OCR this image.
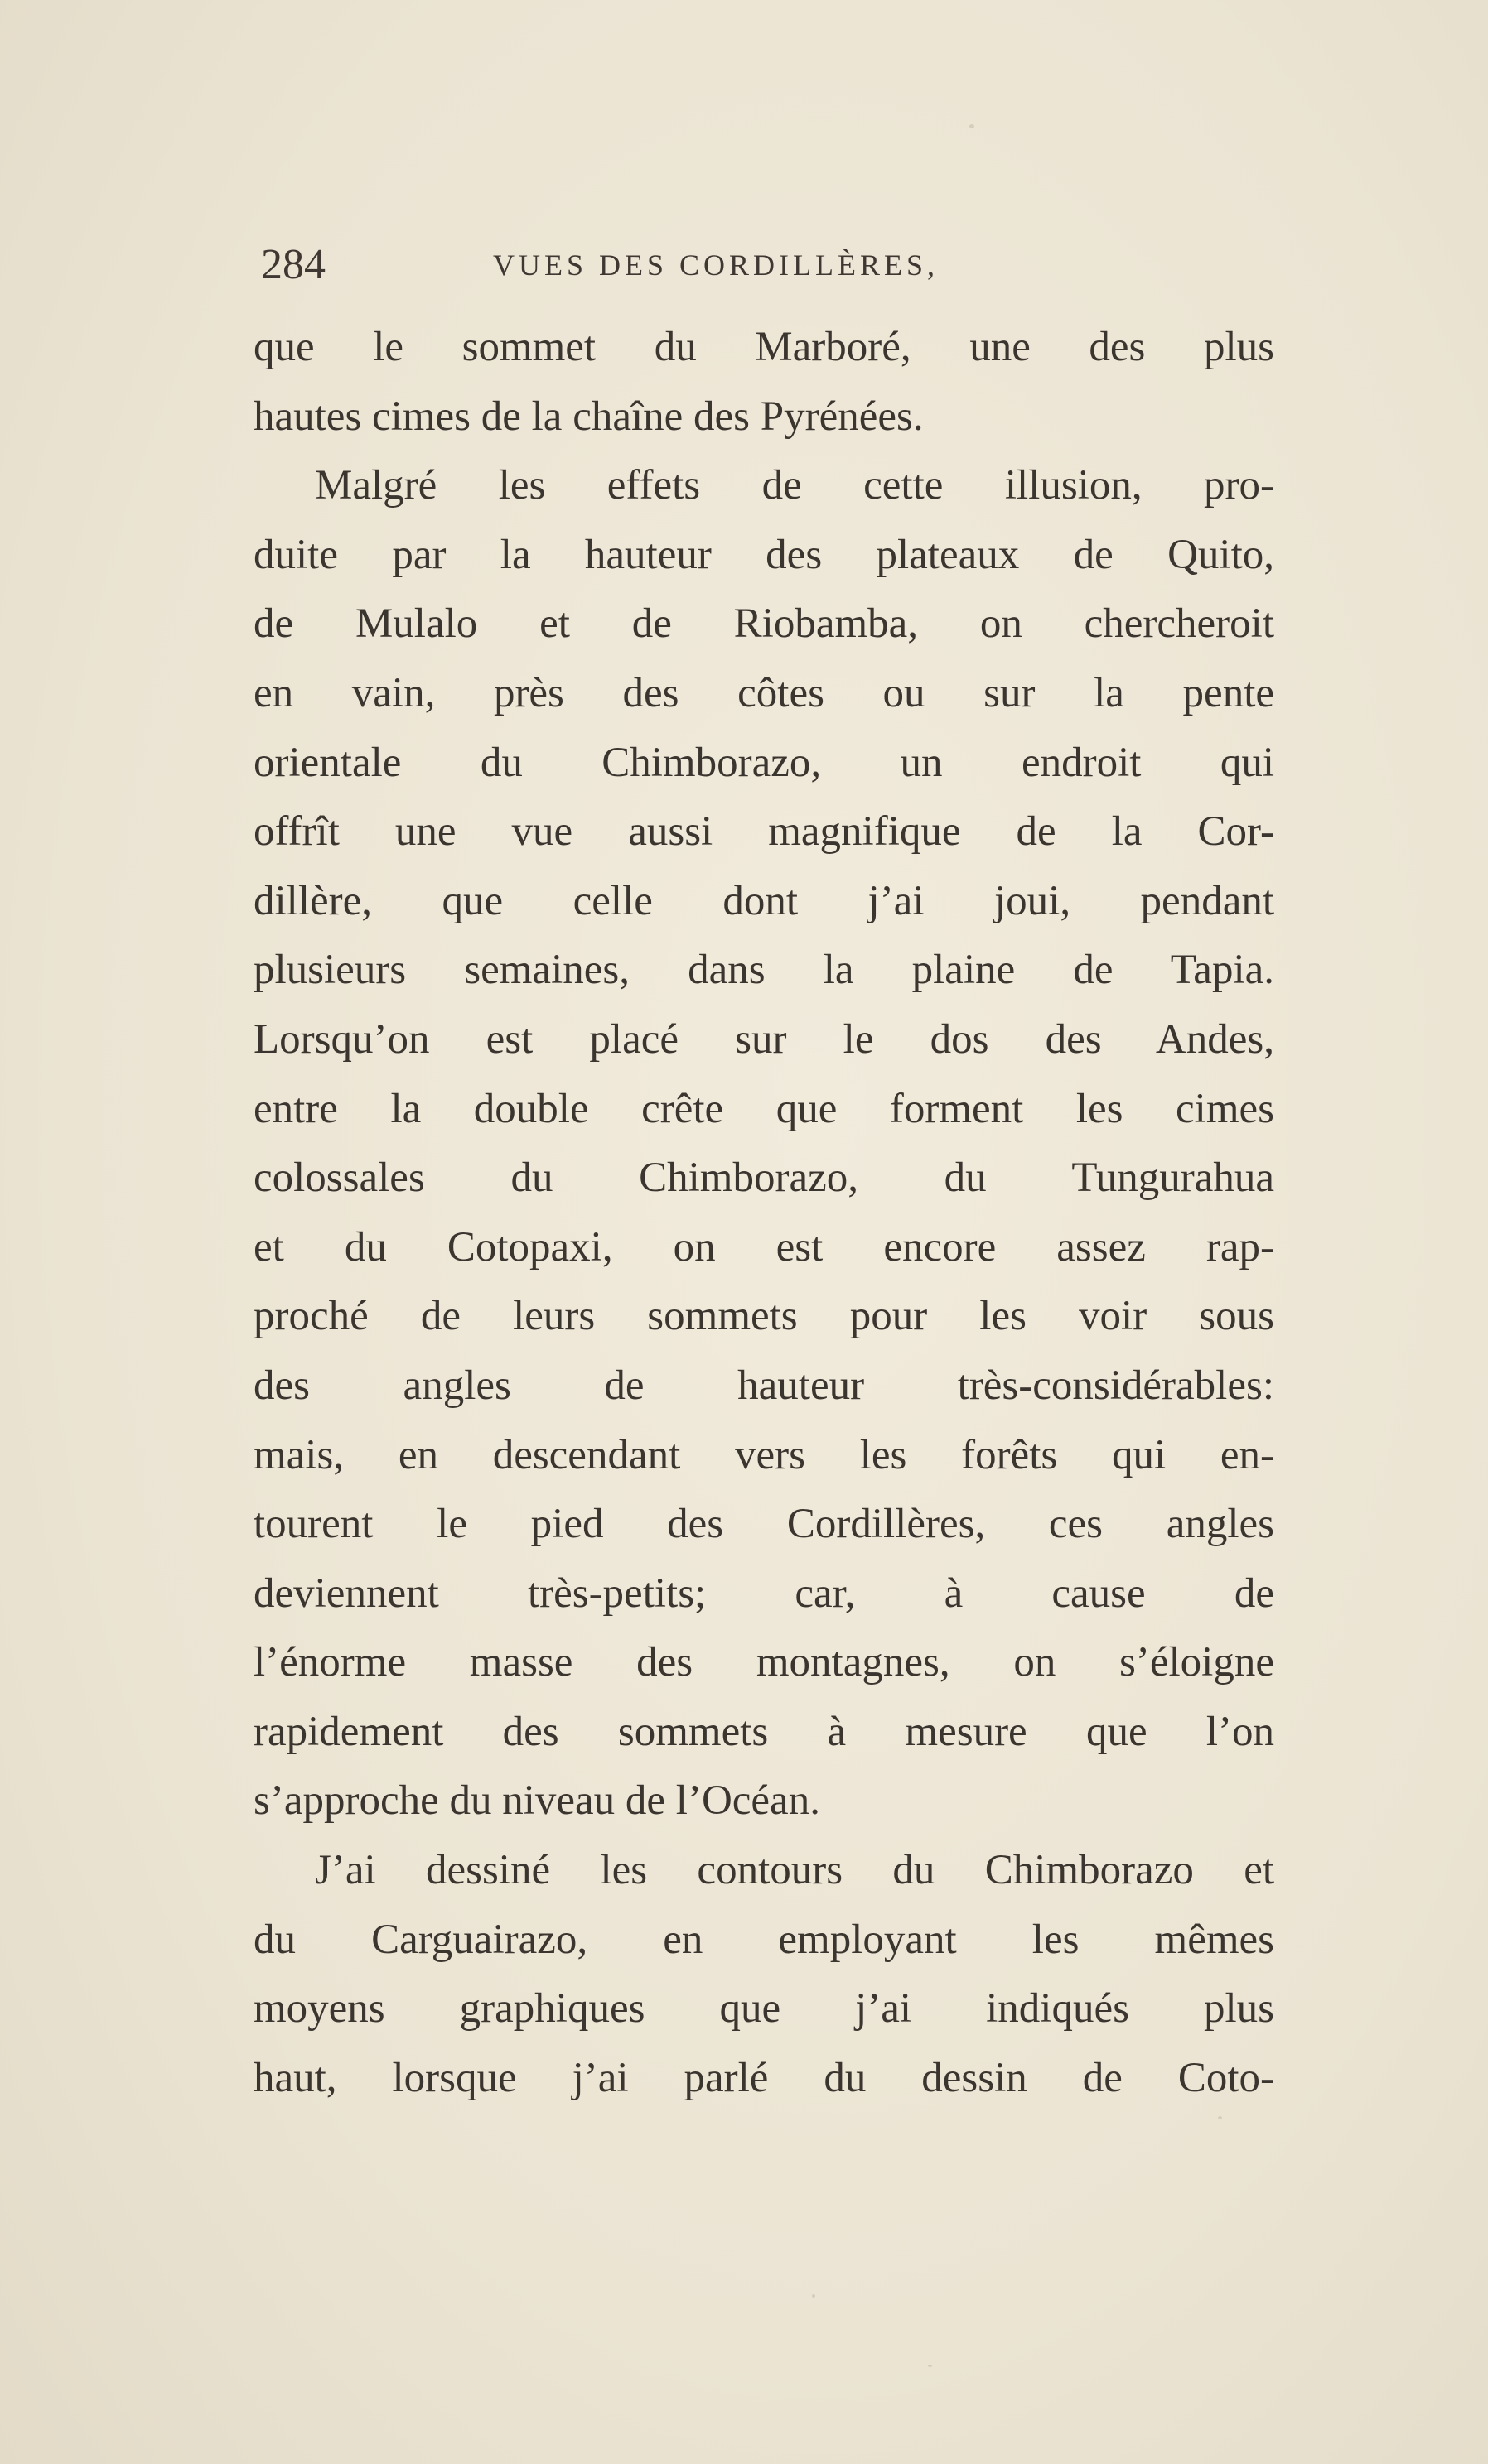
284	VUES DES CORDILLÈRES,
que le sommet du Marboré, une des plus
hautes cimes de la chaîne des Pyrénées.
Malgré les effets de cette illusion, pro-
duite par la hauteur des plateaux de Quito,
de Mulalo et de Riobamba, on chercheroit
en vain, près des côtes ou sur la pente
orientale du Chimborazo, un endroit qui
offrît une vue aussi magnifique de la Cor-
dillère, que celle dont j’ai joui, pendant
plusieurs semaines, dans la plaine de Tapia.
Lorsqu’on est placé sur le dos des Andes,
entre la double crête que forment les cimes
colossales du Chimborazo, du Tungurahua
et du Cotopaxi, on est encore assez rap-
proché de leurs sommets pour les voir sous
des angles de hauteur très-considérables:
mais, en descendant vers les forêts qui en-
tourent le pied des Cordillères, ces angles
deviennent très-petits; car, à cause de
l’énorme masse des montagnes, on s’éloigne
rapidement des sommets à mesure que l’on
s’approche du niveau de l’Océan.
J’ai dessiné les contours du Chimborazo et
du Carguairazo, en employant les mêmes
moyens graphiques que j’ai indiqués plus
haut, lorsque j’ai parlé du dessin de Coto-
